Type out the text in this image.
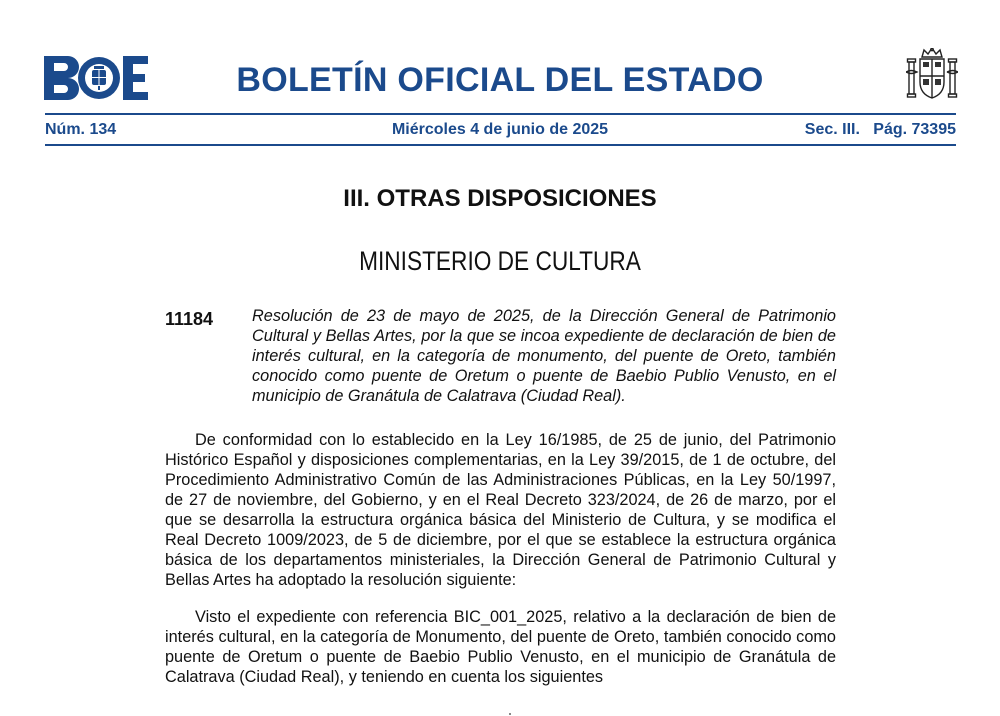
BOLETÍN OFICIAL DEL ESTADO
Núm. 134	Miércoles 4 de junio de 2025	Sec. III.   Pág. 73395
III. OTRAS DISPOSICIONES
MINISTERIO DE CULTURA
11184 Resolución de 23 de mayo de 2025, de la Dirección General de Patrimonio Cultural y Bellas Artes, por la que se incoa expediente de declaración de bien de interés cultural, en la categoría de monumento, del puente de Oreto, también conocido como puente de Oretum o puente de Baebio Publio Venusto, en el municipio de Granátula de Calatrava (Ciudad Real).

De conformidad con lo establecido en la Ley 16/1985, de 25 de junio, del Patrimonio Histórico Español y disposiciones complementarias, en la Ley 39/2015, de 1 de octubre, del Procedimiento Administrativo Común de las Administraciones Públicas, en la Ley 50/1997, de 27 de noviembre, del Gobierno, y en el Real Decreto 323/2024, de 26 de marzo, por el que se desarrolla la estructura orgánica básica del Ministerio de Cultura, y se modifica el Real Decreto 1009/2023, de 5 de diciembre, por el que se establece la estructura orgánica básica de los departamentos ministeriales, la Dirección General de Patrimonio Cultural y Bellas Artes ha adoptado la resolución siguiente:

Visto el expediente con referencia BIC_001_2025, relativo a la declaración de bien de interés cultural, en la categoría de Monumento, del puente de Oreto, también conocido como puente de Oretum o puente de Baebio Publio Venusto, en el municipio de Granátula de Calatrava (Ciudad Real), y teniendo en cuenta los siguientes
